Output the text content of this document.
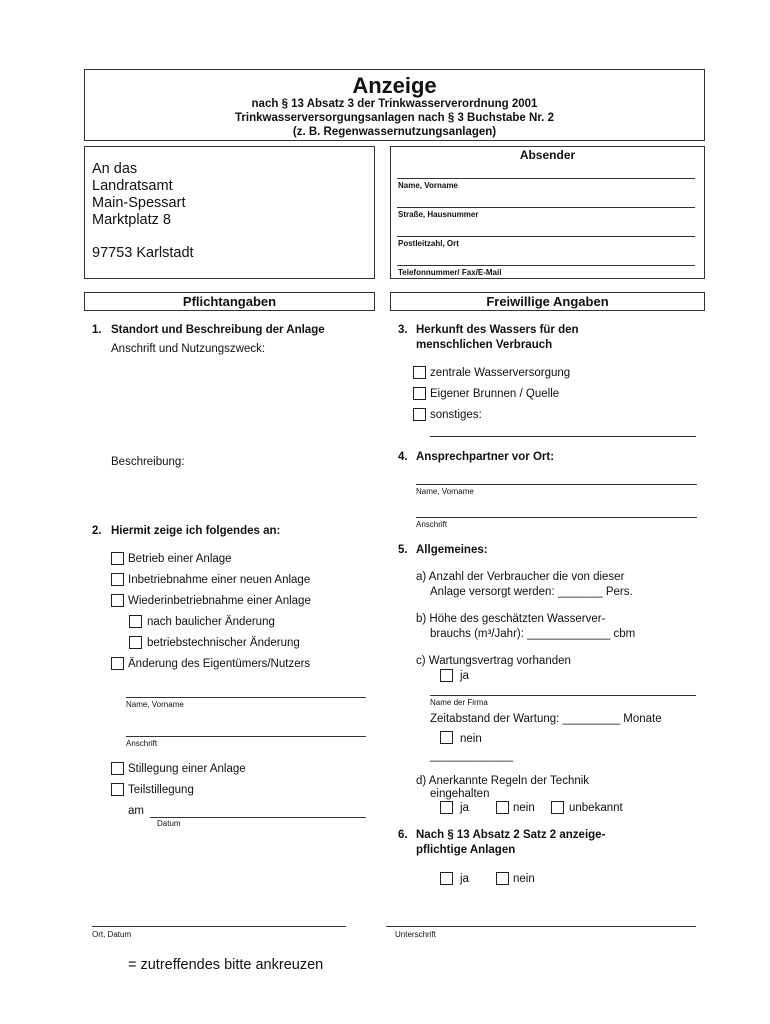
Anzeige
nach § 13 Absatz 3 der Trinkwasserverordnung 2001
Trinkwasserversorgungsanlagen nach § 3 Buchstabe Nr. 2
(z. B. Regenwassernutzungsanlagen)
An das
Landratsamt
Main-Spessart
Marktplatz 8
97753 Karlstadt
Absender
Name, Vorname
Straße, Hausnummer
Postleitzahl, Ort
Telefonnummer/ Fax/E-Mail
Pflichtangaben	Freiwillige Angaben
1. Standort und Beschreibung der Anlage
Anschrift und Nutzungszweck:
Beschreibung:
2. Hiermit zeige ich folgendes an:
Betrieb einer Anlage
Inbetriebnahme einer neuen Anlage
Wiederinbetriebnahme einer Anlage
nach baulicher Änderung
betriebstechnischer Änderung
Änderung des Eigentümers/Nutzers
Name, Vorname
Anschrift
Stillegung einer Anlage
Teilstillegung
am
Datum
3. Herkunft des Wassers für den
menschlichen Verbrauch
zentrale Wasserversorgung
Eigener Brunnen / Quelle
sonstiges:
4. Ansprechpartner vor Ort:
Name, Vorname
Anschrift
5. Allgemeines:
a) Anzahl der Verbraucher die von dieser
Anlage versorgt werden: _______ Pers.
b) Höhe des geschätzten Wasserver-
brauchs (m³/Jahr): _____________ cbm
c) Wartungsvertrag vorhanden
ja
Name der Firma
Zeitabstand der Wartung: _________ Monate
nein
_____________
d) Anerkannte Regeln der Technik
eingehalten
ja	nein	unbekannt
6. Nach § 13 Absatz 2 Satz 2 anzeige-
pflichtige Anlagen
ja	nein
Ort, Datum	Unterschrift
= zutreffendes bitte ankreuzen
